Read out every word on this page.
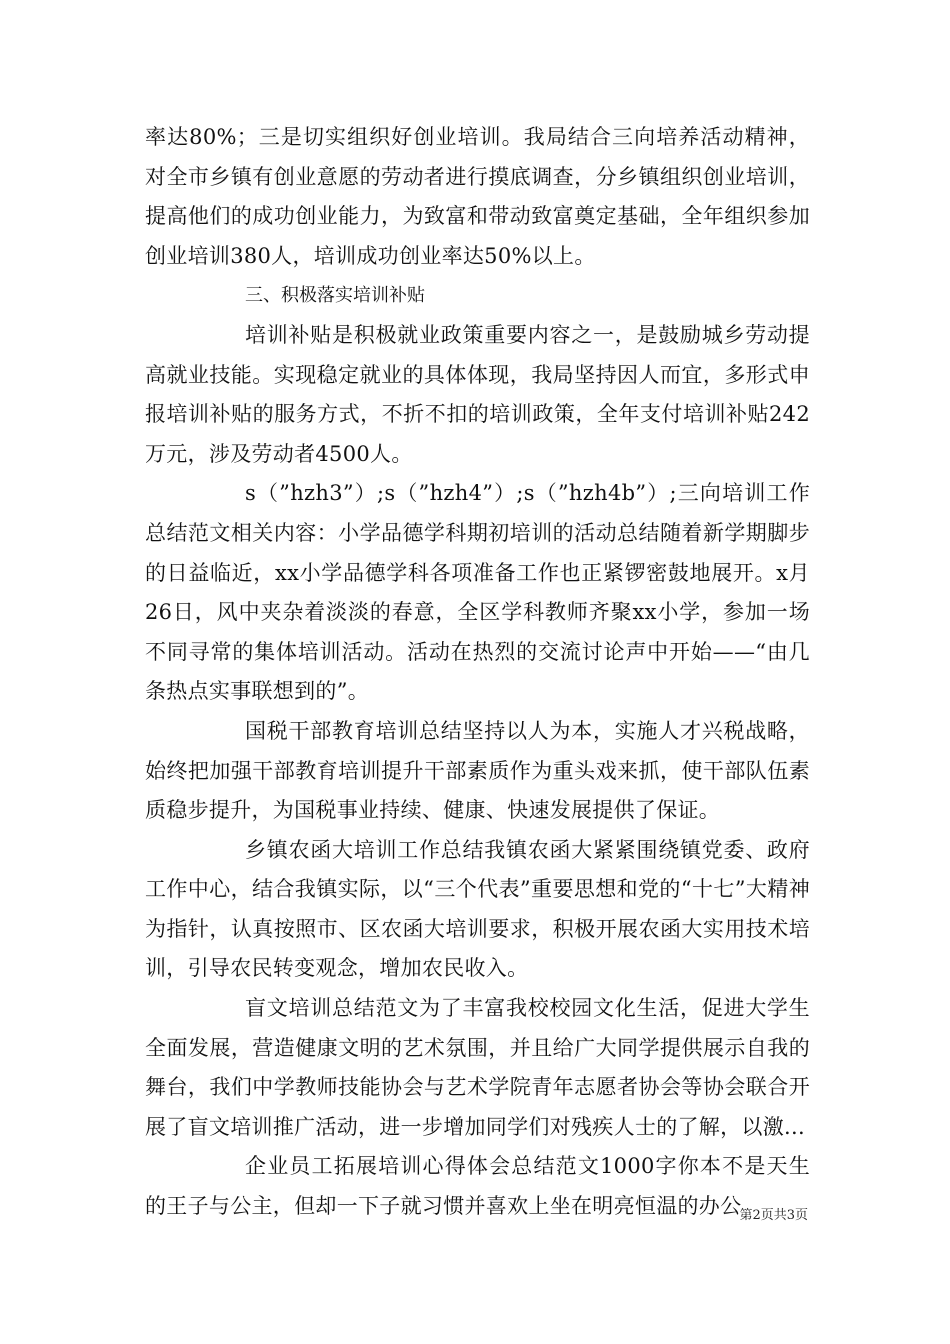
率达80%；三是切实组织好创业培训。我局结合三向培养活动精神，对全市乡镇有创业意愿的劳动者进行摸底调查，分乡镇组织创业培训，提高他们的成功创业能力，为致富和带动致富奠定基础，全年组织参加创业培训380人，培训成功创业率达50%以上。

三、积极落实培训补贴

培训补贴是积极就业政策重要内容之一，是鼓励城乡劳动提高就业技能。实现稳定就业的具体体现，我局坚持因人而宜，多形式申报培训补贴的服务方式，不折不扣的培训政策，全年支付培训补贴242万元，涉及劳动者4500人。

s（”hzh3”）;s（”hzh4”）;s（”hzh4b”）;三向培训工作总结范文相关内容：小学品德学科期初培训的活动总结随着新学期脚步的日益临近，xx小学品德学科各项准备工作也正紧锣密鼓地展开。x月26日，风中夹杂着淡淡的春意，全区学科教师齐聚xx小学，参加一场不同寻常的集体培训活动。活动在热烈的交流讨论声中开始——“由几条热点实事联想到的”。

国税干部教育培训总结坚持以人为本，实施人才兴税战略，始终把加强干部教育培训提升干部素质作为重头戏来抓，使干部队伍素质稳步提升，为国税事业持续、健康、快速发展提供了保证。

乡镇农函大培训工作总结我镇农函大紧紧围绕镇党委、政府工作中心，结合我镇实际，以“三个代表”重要思想和党的“十七”大精神为指针，认真按照市、区农函大培训要求，积极开展农函大实用技术培训，引导农民转变观念，增加农民收入。

盲文培训总结范文为了丰富我校校园文化生活，促进大学生全面发展，营造健康文明的艺术氛围，并且给广大同学提供展示自我的舞台，我们中学教师技能协会与艺术学院青年志愿者协会等协会联合开展了盲文培训推广活动，进一步增加同学们对残疾人士的了解，以激...

企业员工拓展培训心得体会总结范文1000字你本不是天生的王子与公主，但却一下子就习惯并喜欢上坐在明亮恒温的办公

第2页共3页
